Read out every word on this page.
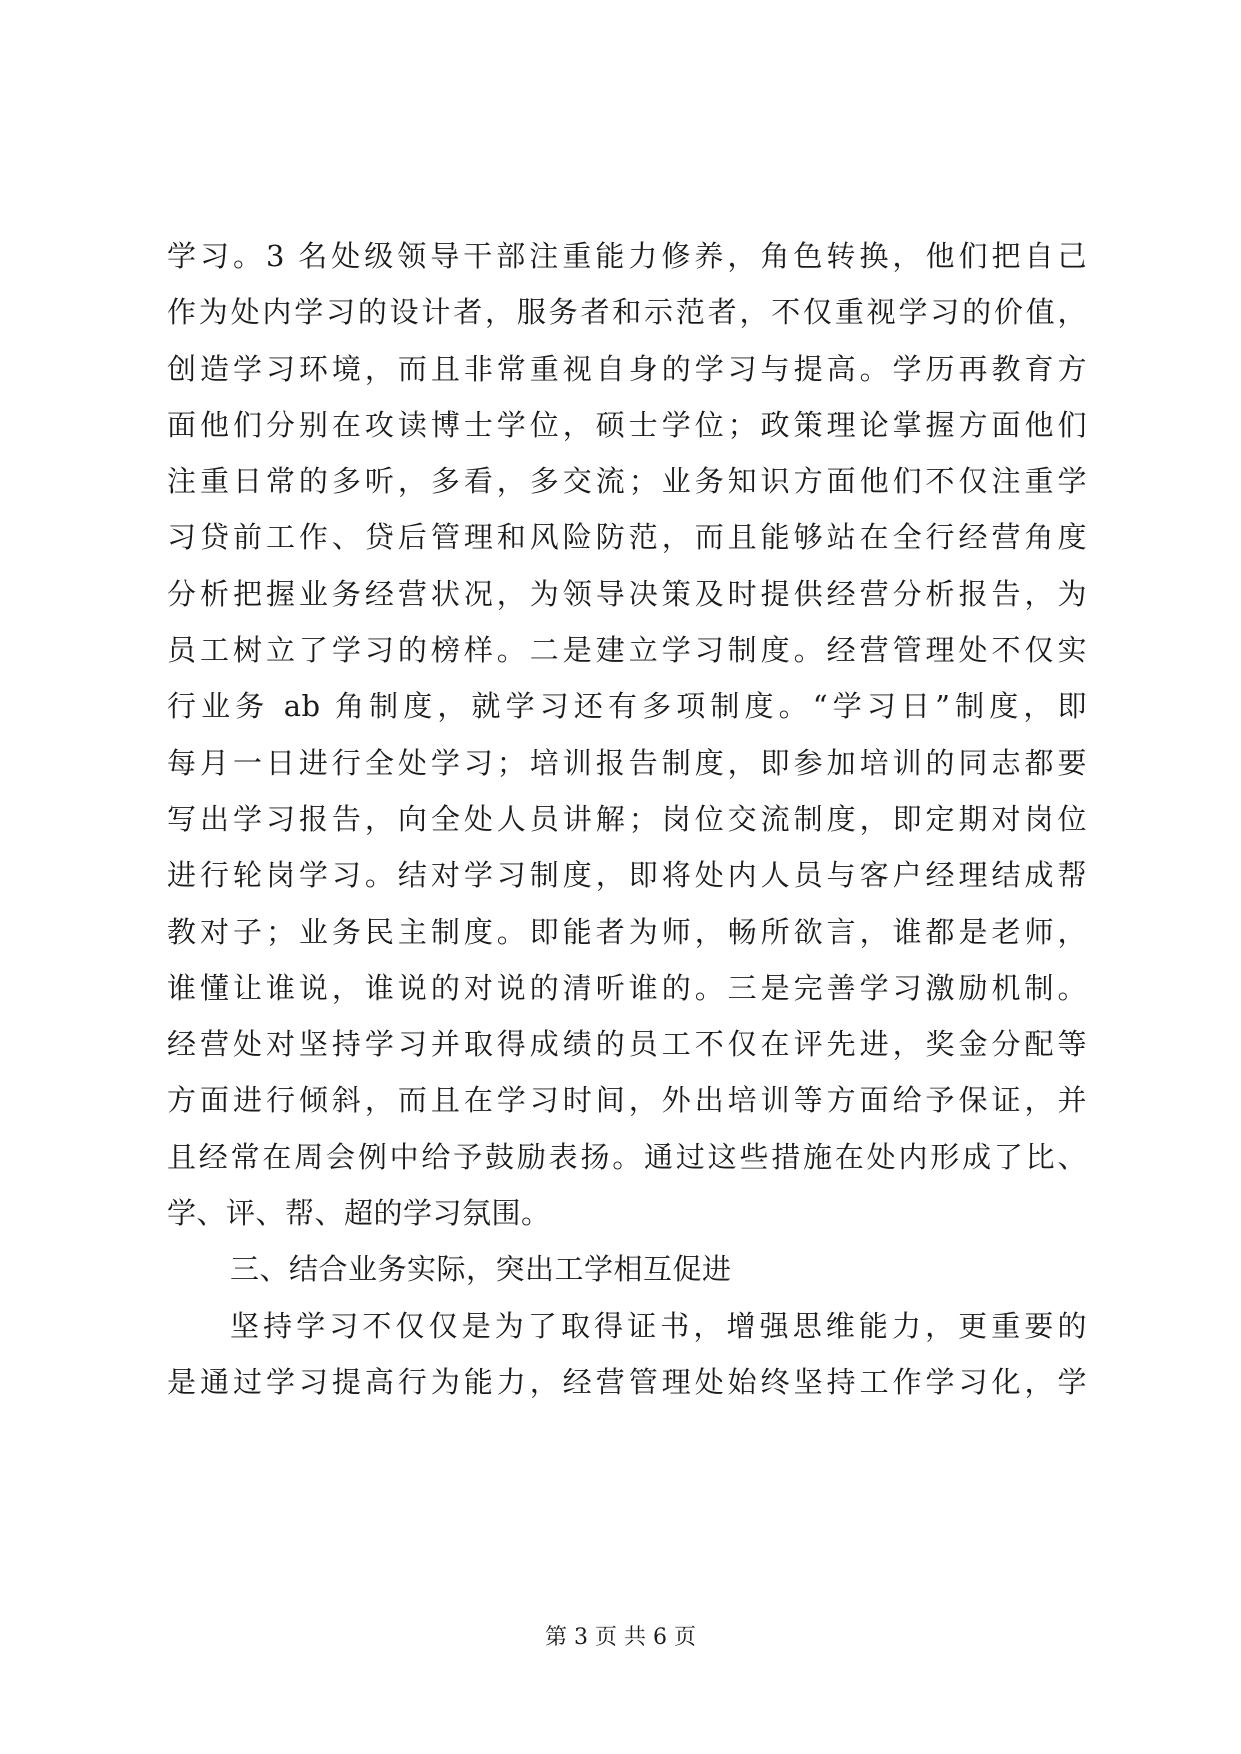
学习。3 名处级领导干部注重能力修养，角色转换，他们把自己
作为处内学习的设计者，服务者和示范者，不仅重视学习的价值，
创造学习环境，而且非常重视自身的学习与提高。学历再教育方
面他们分别在攻读博士学位，硕士学位；政策理论掌握方面他们
注重日常的多听，多看，多交流；业务知识方面他们不仅注重学
习贷前工作、贷后管理和风险防范，而且能够站在全行经营角度
分析把握业务经营状况，为领导决策及时提供经营分析报告，为
员工树立了学习的榜样。二是建立学习制度。经营管理处不仅实
行业务 ab 角制度，就学习还有多项制度。“学习日”制度，即
每月一日进行全处学习；培训报告制度，即参加培训的同志都要
写出学习报告，向全处人员讲解；岗位交流制度，即定期对岗位
进行轮岗学习。结对学习制度，即将处内人员与客户经理结成帮
教对子；业务民主制度。即能者为师，畅所欲言，谁都是老师，
谁懂让谁说，谁说的对说的清听谁的。三是完善学习激励机制。
经营处对坚持学习并取得成绩的员工不仅在评先进，奖金分配等
方面进行倾斜，而且在学习时间，外出培训等方面给予保证，并
且经常在周会例中给予鼓励表扬。通过这些措施在处内形成了比、
学、评、帮、超的学习氛围。
三、结合业务实际，突出工学相互促进
坚持学习不仅仅是为了取得证书，增强思维能力，更重要的
是通过学习提高行为能力，经营管理处始终坚持工作学习化，学
第 3 页 共 6 页
